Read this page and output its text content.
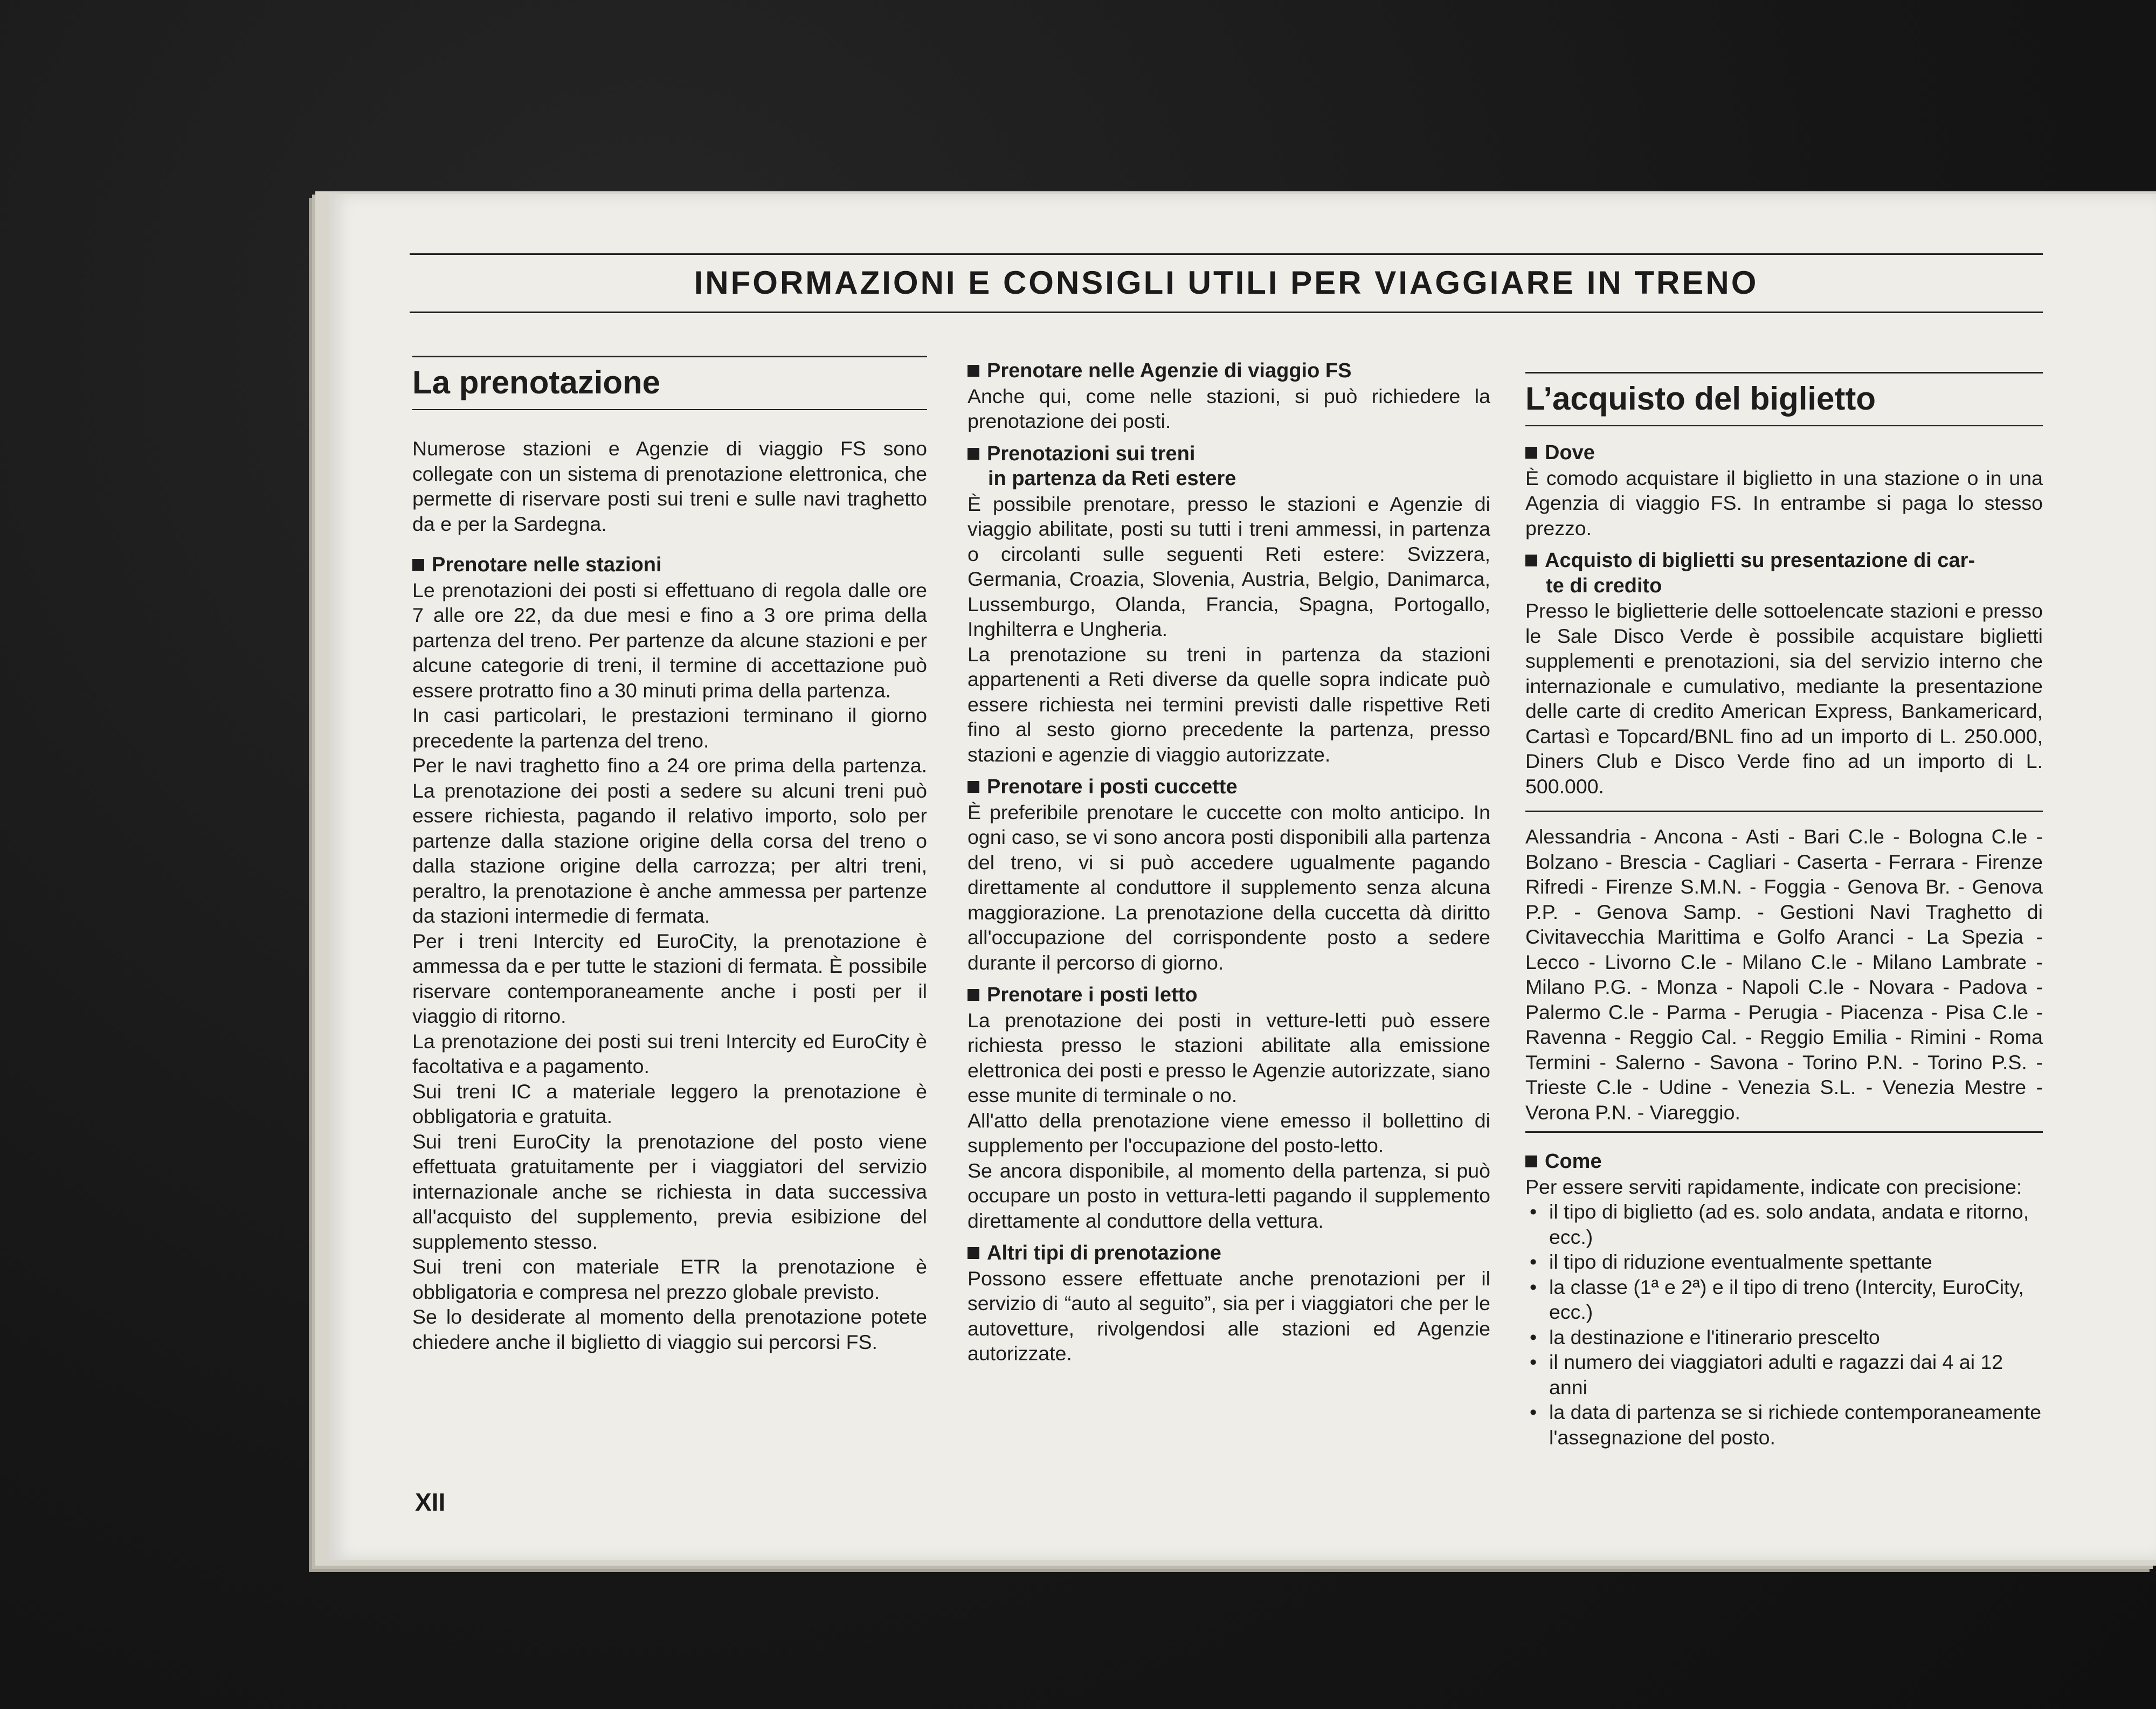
INFORMAZIONI E CONSIGLI UTILI PER VIAGGIARE IN TRENO
La prenotazione

Numerose stazioni e Agenzie di viaggio FS sono collegate con un sistema di prenotazione elettronica, che permette di riservare posti sui treni e sulle navi traghetto da e per la Sardegna.

Prenotare nelle stazioni

Le prenotazioni dei posti si effettuano di regola dalle ore 7 alle ore 22, da due mesi e fino a 3 ore prima della partenza del treno. Per partenze da alcune stazioni e per alcune categorie di treni, il termine di accettazione può essere protratto fino a 30 minuti prima della partenza.

In casi particolari, le prestazioni terminano il giorno precedente la partenza del treno.

Per le navi traghetto fino a 24 ore prima della partenza. La prenotazione dei posti a sedere su alcuni treni può essere richiesta, pagando il relativo importo, solo per partenze dalla stazione origine della corsa del treno o dalla stazione origine della carrozza; per altri treni, peraltro, la prenotazione è anche ammessa per partenze da stazioni intermedie di fermata.

Per i treni Intercity ed EuroCity, la prenotazione è ammessa da e per tutte le stazioni di fermata. È possibile riservare contemporaneamente anche i posti per il viaggio di ritorno.

La prenotazione dei posti sui treni Intercity ed EuroCity è facoltativa e a pagamento.

Sui treni IC a materiale leggero la prenotazione è obbligatoria e gratuita.

Sui treni EuroCity la prenotazione del posto viene effettuata gratuitamente per i viaggiatori del servizio internazionale anche se richiesta in data successiva all'acquisto del supplemento, previa esibizione del supplemento stesso.

Sui treni con materiale ETR la prenotazione è obbligatoria e compresa nel prezzo globale previsto.

Se lo desiderate al momento della prenotazione potete chiedere anche il biglietto di viaggio sui percorsi FS.

Prenotare nelle Agenzie di viaggio FS

Anche qui, come nelle stazioni, si può richiedere la prenotazione dei posti.

Prenotazioni sui treni
in partenza da Reti estere

È possibile prenotare, presso le stazioni e Agenzie di viaggio abilitate, posti su tutti i treni ammessi, in partenza o circolanti sulle seguenti Reti estere: Svizzera, Germania, Croazia, Slovenia, Austria, Belgio, Danimarca, Lussemburgo, Olanda, Francia, Spagna, Portogallo, Inghilterra e Ungheria.

La prenotazione su treni in partenza da stazioni appartenenti a Reti diverse da quelle sopra indicate può essere richiesta nei termini previsti dalle rispettive Reti fino al sesto giorno precedente la partenza, presso stazioni e agenzie di viaggio autorizzate.

Prenotare i posti cuccette

È preferibile prenotare le cuccette con molto anticipo. In ogni caso, se vi sono ancora posti disponibili alla partenza del treno, vi si può accedere ugualmente pagando direttamente al conduttore il supplemento senza alcuna maggiorazione. La prenotazione della cuccetta dà diritto all'occupazione del corrispondente posto a sedere durante il percorso di giorno.

Prenotare i posti letto

La prenotazione dei posti in vetture-letti può essere richiesta presso le stazioni abilitate alla emissione elettronica dei posti e presso le Agenzie autorizzate, siano esse munite di terminale o no.

All'atto della prenotazione viene emesso il bollettino di supplemento per l'occupazione del posto-letto.

Se ancora disponibile, al momento della partenza, si può occupare un posto in vettura-letti pagando il supplemento direttamente al conduttore della vettura.

Altri tipi di prenotazione

Possono essere effettuate anche prenotazioni per il servizio di “auto al seguito”, sia per i viaggiatori che per le autovetture, rivolgendosi alle stazioni ed Agenzie autorizzate.

L’acquisto del biglietto
Dove

È comodo acquistare il biglietto in una stazione o in una Agenzia di viaggio FS. In entrambe si paga lo stesso prezzo.

Acquisto di biglietti su presentazione di car-
te di credito

Presso le biglietterie delle sottoelencate stazioni e presso le Sale Disco Verde è possibile acquistare biglietti supplementi e prenotazioni, sia del servizio interno che internazionale e cumulativo, mediante la presentazione delle carte di credito American Express, Bankamericard, Cartasì e Topcard/BNL fino ad un importo di L. 250.000, Diners Club e Disco Verde fino ad un importo di L. 500.000.

Alessandria - Ancona - Asti - Bari C.le - Bologna C.le - Bolzano - Brescia - Cagliari - Caserta - Ferrara - Firenze Rifredi - Firenze S.M.N. - Foggia - Genova Br. - Genova P.P. - Genova Samp. - Gestioni Navi Traghetto di Civitavecchia Marittima e Golfo Aranci - La Spezia - Lecco - Livorno C.le - Milano C.le - Milano Lambrate - Milano P.G. - Monza - Napoli C.le - Novara - Padova - Palermo C.le - Parma - Perugia - Piacenza - Pisa C.le - Ravenna - Reggio Cal. - Reggio Emilia - Rimini - Roma Termini - Salerno - Savona - Torino P.N. - Torino P.S. - Trieste C.le - Udine - Venezia S.L. - Venezia Mestre - Verona P.N. - Viareggio.

Come

Per essere serviti rapidamente, indicate con precisione:

• il tipo di biglietto (ad es. solo andata, andata e ritorno, ecc.)
• il tipo di riduzione eventualmente spettante
• la classe (1ª e 2ª) e il tipo di treno (Intercity, EuroCity, ecc.)
• la destinazione e l'itinerario prescelto
• il numero dei viaggiatori adulti e ragazzi dai 4 ai 12 anni
• la data di partenza se si richiede contemporaneamente l'assegnazione del posto.
XII
